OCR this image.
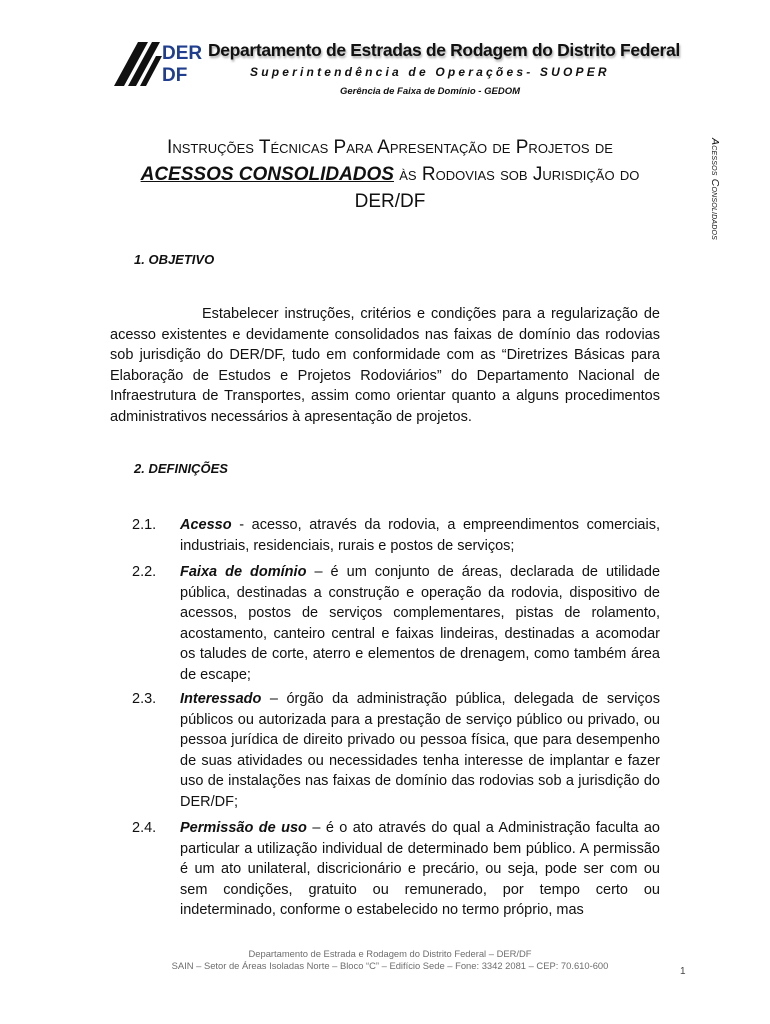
DER
DF
Departamento de Estradas de Rodagem do Distrito Federal
Superintendência de Operações- SUOPER
Gerência de Faixa de Domínio - GEDOM
Acessos Consolidados
Instruções Técnicas Para Apresentação de Projetos de ACESSOS CONSOLIDADOS às Rodovias sob Jurisdição do DER/DF
1. OBJETIVO
Estabelecer instruções, critérios e condições para a regularização de acesso existentes e devidamente consolidados nas faixas de domínio das rodovias sob jurisdição do DER/DF, tudo em conformidade com as “Diretrizes Básicas para Elaboração de Estudos e Projetos Rodoviários” do Departamento Nacional de Infraestrutura de Transportes, assim como orientar quanto a alguns procedimentos administrativos necessários à apresentação de projetos.
2. DEFINIÇÕES
2.1. Acesso - acesso, através da rodovia, a empreendimentos comerciais, industriais, residenciais, rurais e postos de serviços;
2.2. Faixa de domínio – é um conjunto de áreas, declarada de utilidade pública, destinadas a construção e operação da rodovia, dispositivo de acessos, postos de serviços complementares, pistas de rolamento, acostamento, canteiro central e faixas lindeiras, destinadas a acomodar os taludes de corte, aterro e elementos de drenagem, como também área de escape;
2.3. Interessado – órgão da administração pública, delegada de serviços públicos ou autorizada para a prestação de serviço público ou privado, ou pessoa jurídica de direito privado ou pessoa física, que para desempenho de suas atividades ou necessidades tenha interesse de implantar e fazer uso de instalações nas faixas de domínio das rodovias sob a jurisdição do DER/DF;
2.4. Permissão de uso – é o ato através do qual a Administração faculta ao particular a utilização individual de determinado bem público. A permissão é um ato unilateral, discricionário e precário, ou seja, pode ser com ou sem condições, gratuito ou remunerado, por tempo certo ou indeterminado, conforme o estabelecido no termo próprio, mas
Departamento de Estrada e Rodagem do Distrito Federal – DER/DF
SAIN – Setor de Áreas Isoladas Norte – Bloco “C” – Edifício Sede – Fone: 3342 2081 – CEP: 70.610-600
1
